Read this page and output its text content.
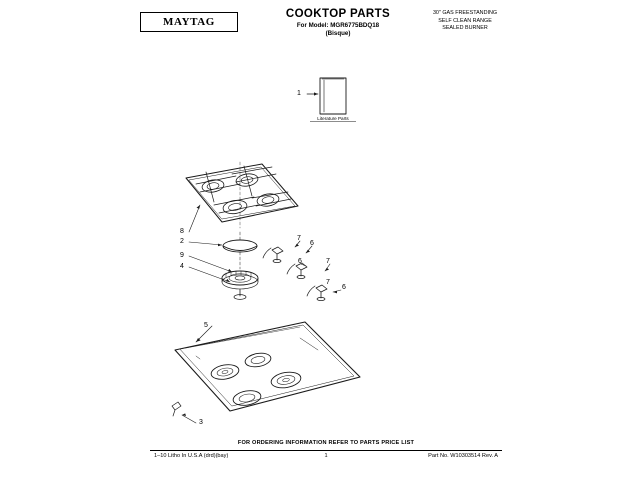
MAYTAG
COOKTOP PARTS
For Model: MGR6775BDQ18
(Bisque)
30" GAS FREESTANDING
SELF CLEAN RANGE
SEALED BURNER
Literature Parts
1
8
2
9
4
5
3
7
6
7
6
7
6
FOR ORDERING INFORMATION REFER TO PARTS PRICE LIST
1–10 Litho In U.S.A (drd)(bay)	1	Part No. W10303514 Rev. A
